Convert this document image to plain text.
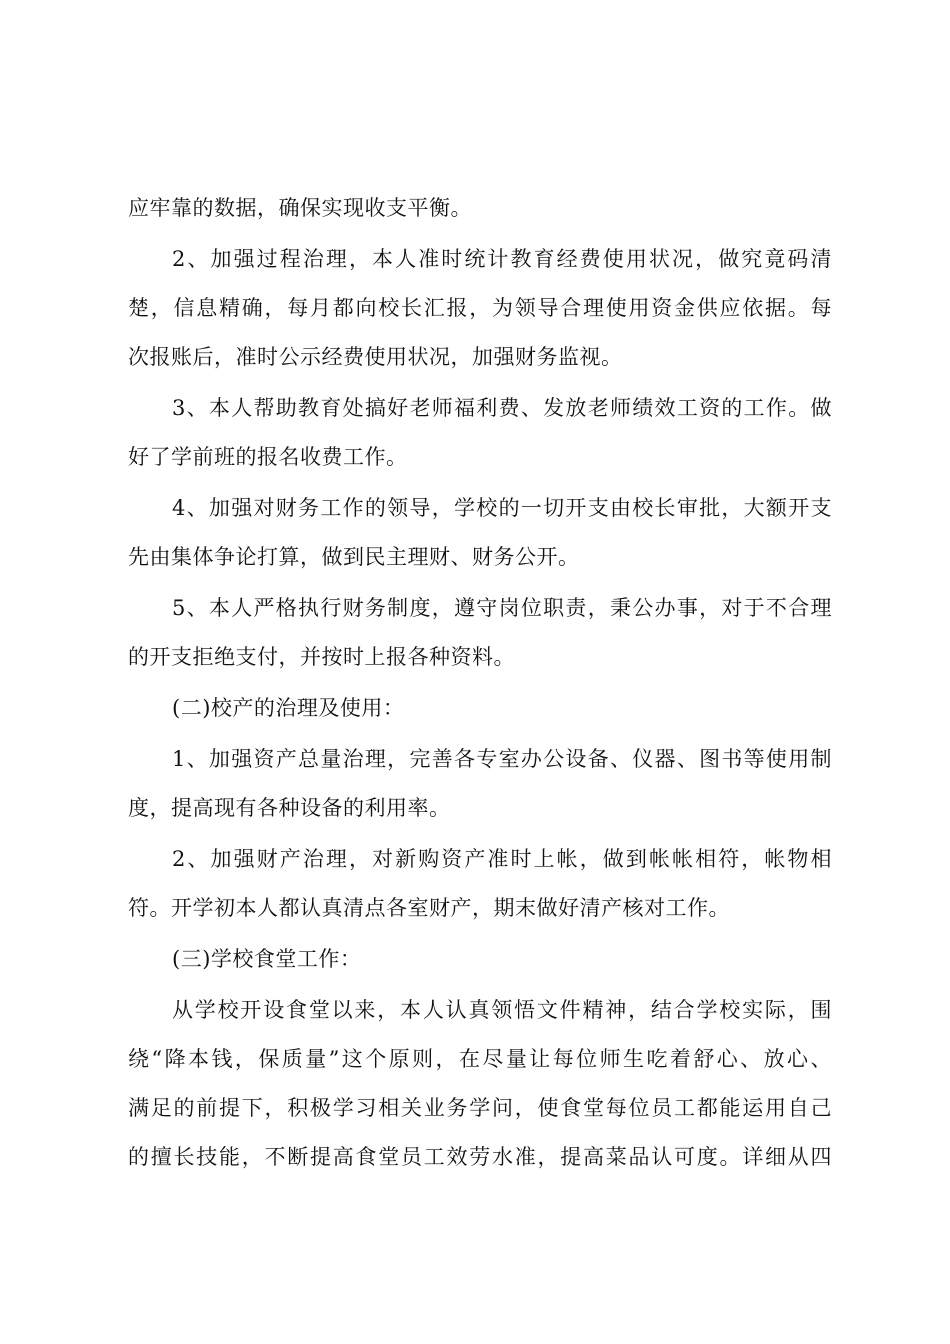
应牢靠的数据，确保实现收支平衡。
2、加强过程治理，本人准时统计教育经费使用状况，做究竟码清
楚，信息精确，每月都向校长汇报，为领导合理使用资金供应依据。每
次报账后，准时公示经费使用状况，加强财务监视。
3、本人帮助教育处搞好老师福利费、发放老师绩效工资的工作。做
好了学前班的报名收费工作。
4、加强对财务工作的领导，学校的一切开支由校长审批，大额开支
先由集体争论打算，做到民主理财、财务公开。
5、本人严格执行财务制度，遵守岗位职责，秉公办事，对于不合理
的开支拒绝支付，并按时上报各种资料。
(二)校产的治理及使用：
1、加强资产总量治理，完善各专室办公设备、仪器、图书等使用制
度，提高现有各种设备的利用率。
2、加强财产治理，对新购资产准时上帐，做到帐帐相符，帐物相
符。开学初本人都认真清点各室财产，期末做好清产核对工作。
(三)学校食堂工作：
从学校开设食堂以来，本人认真领悟文件精神，结合学校实际，围
绕“降本钱，保质量”这个原则，在尽量让每位师生吃着舒心、放心、
满足的前提下，积极学习相关业务学问，使食堂每位员工都能运用自己
的擅长技能，不断提高食堂员工效劳水准，提高菜品认可度。详细从四
